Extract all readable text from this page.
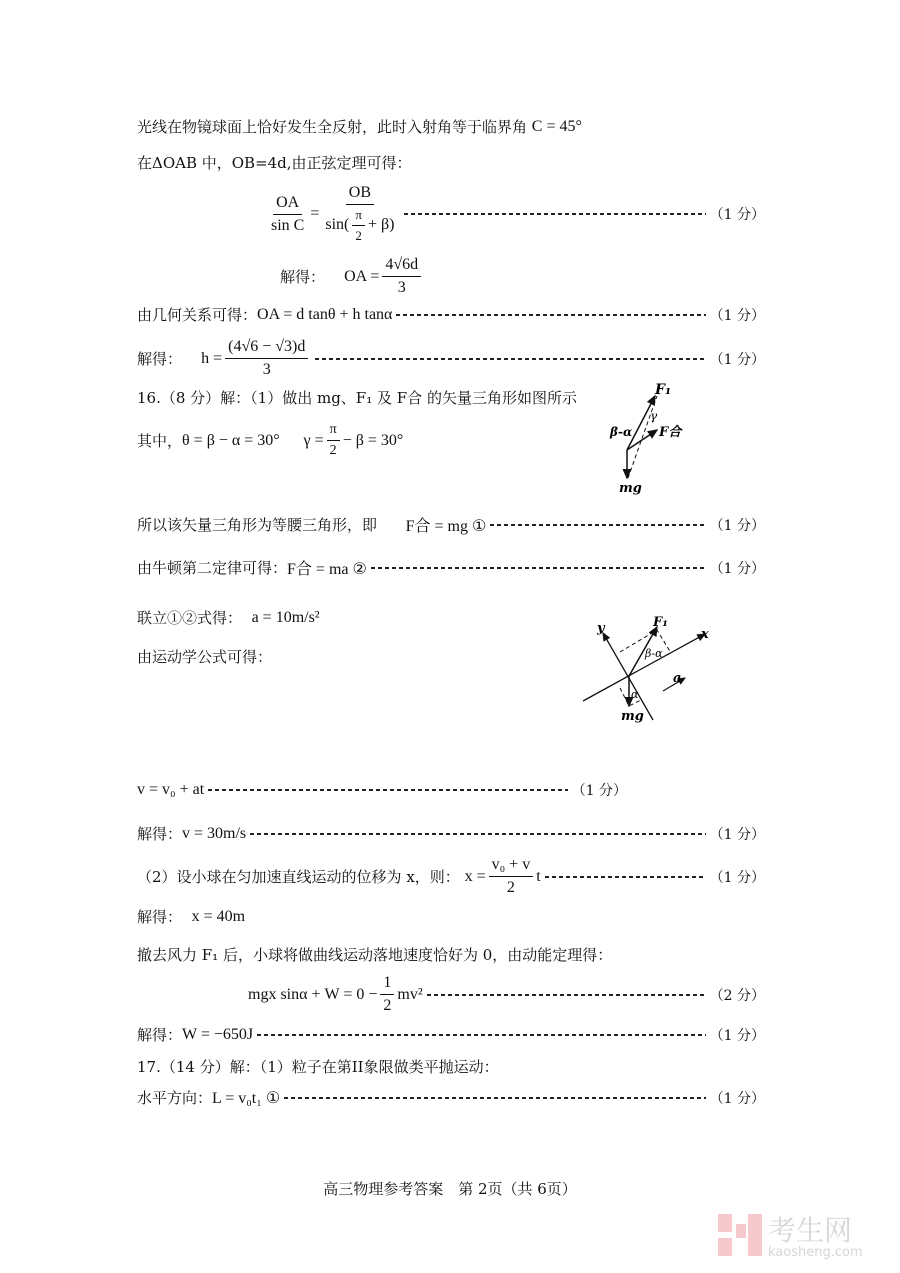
光线在物镜球面上恰好发生全反射，此时入射角等于临界角
C = 45°
在ΔOAB 中，OB=4d,由正弦定理可得：
$\frac{OA}{\text{sin C}} = \frac{OB}{\sin( \frac{\pi}{2} + \beta)}$	（1 分）
解得：
OA = $\frac{4√6d}{3}$
由几何关系可得： OA = d tanθ + h tanα	（1 分）
解得：
$h = \frac{(4√6 - √3)d}{3}$	（1 分）
16.（8 分）解：（1）做出 mg、F₁ 及 F合 的矢量三角形如图所示
其中， θ = β − α = 30°
$\gamma = \frac{\pi}{2} - \beta = 30^\circ$
F₁
γ
β-α F合
mg
所以该矢量三角形为等腰三角形，即
F合 = mg ①	（1 分）
由牛顿第二定律可得： F合 = ma ②	（1 分）
联立①②式得：
a = 10m/s²
由运动学公式可得：
y	F₁
x
β-α
a
α
mg
v = v₀ + at	（1 分）
解得： v = 30m/s	（1 分）
（2）设小球在匀加速直线运动的位移为 x，则：
$x = \frac{\text{v₀ + v}}{2}$ t	（1 分）
解得：
x = 40m
撤去风力 F₁ 后，小球将做曲线运动落地速度恰好为 0，由动能定理得：
mgx $\sin\alpha + W = 0 - \frac{1}{2} mv^2$	（2 分）
解得： W = −650J	（1 分）
17.（14 分）解：（1）粒子在第II象限做类平抛运动：
水平方向： L = v₀t₁ ①	（1 分）
高三物理参考答案　第 2页（共 6页）
考生网
kaosheng.com
